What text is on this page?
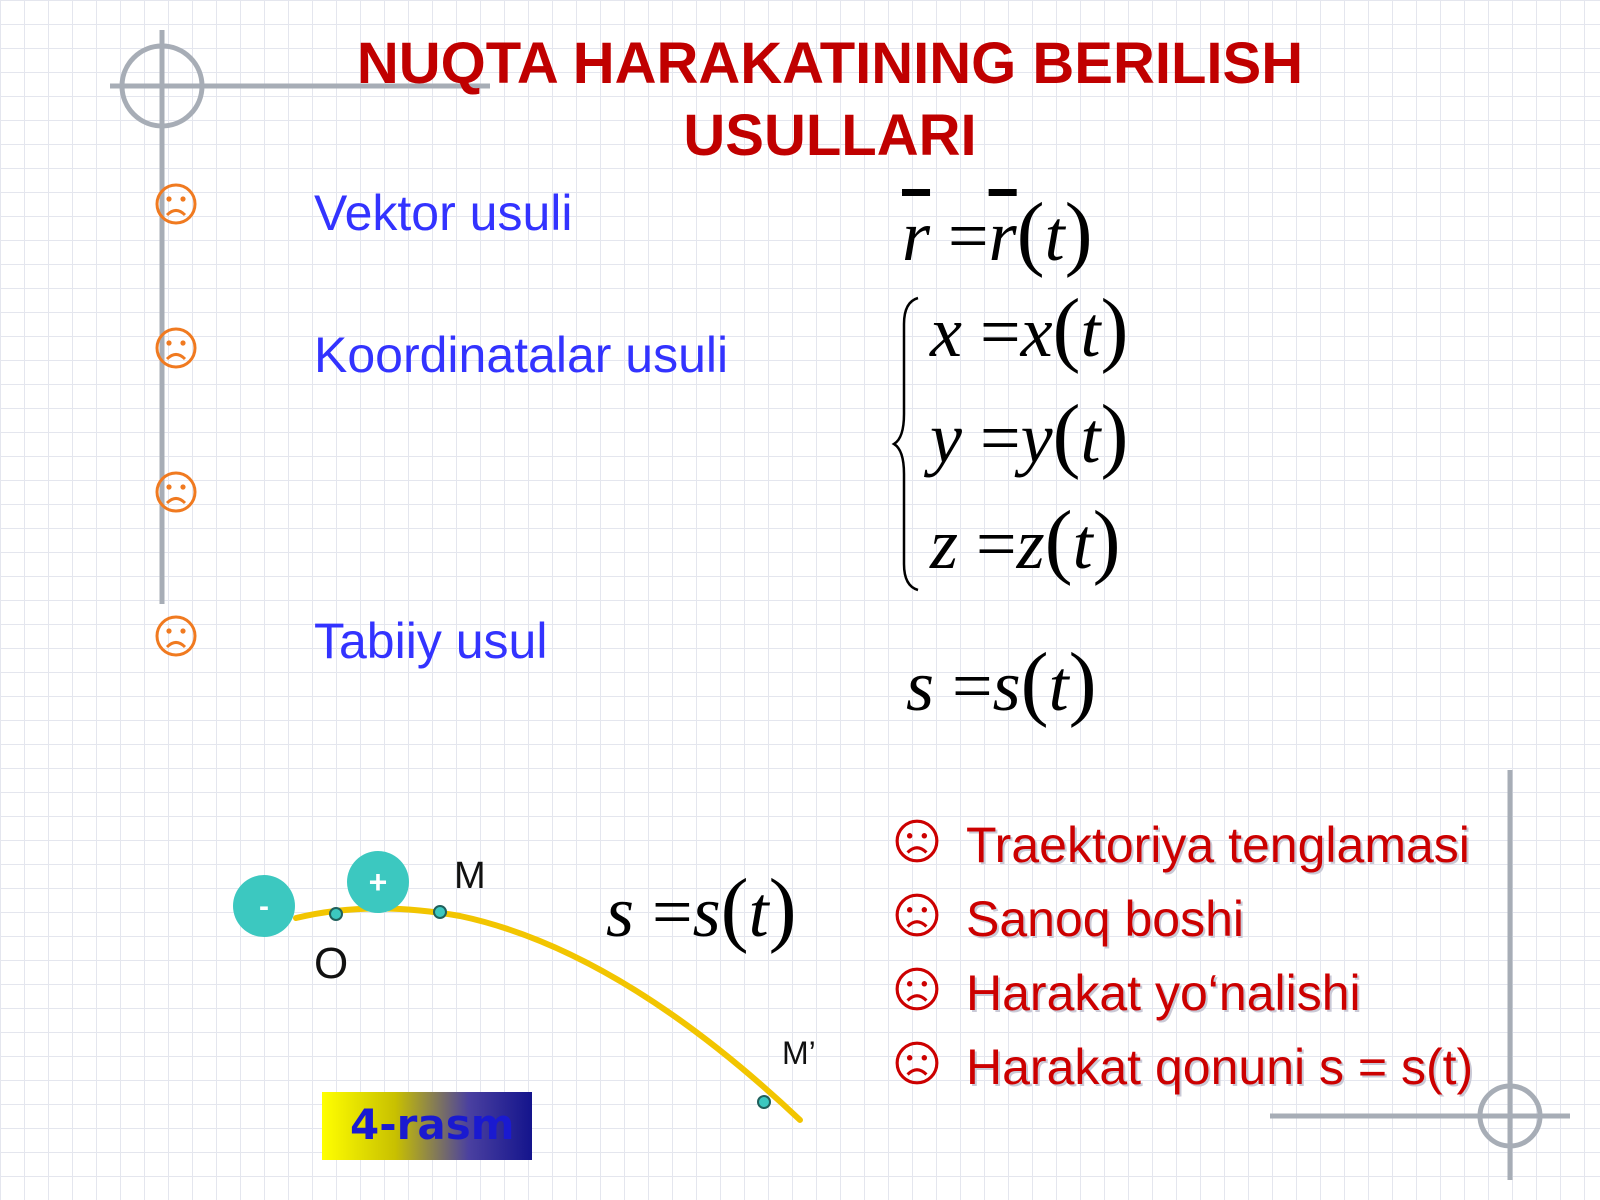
NUQTA HARAKATINING BERILISH
USULLARI
Vektor usuli
Koordinatalar usuli
Tabiiy usul
$\overline{r} =\overline{r}(t)$
x =x(t)
y =y(t)
z =z(t)
s =s(t)
-
+
O
M
M’
s =s(t)
4-rasm
Traektoriya tenglamasi
Sanoq boshi
Harakat yo‘nalishi
Harakat qonuni s = s(t)
